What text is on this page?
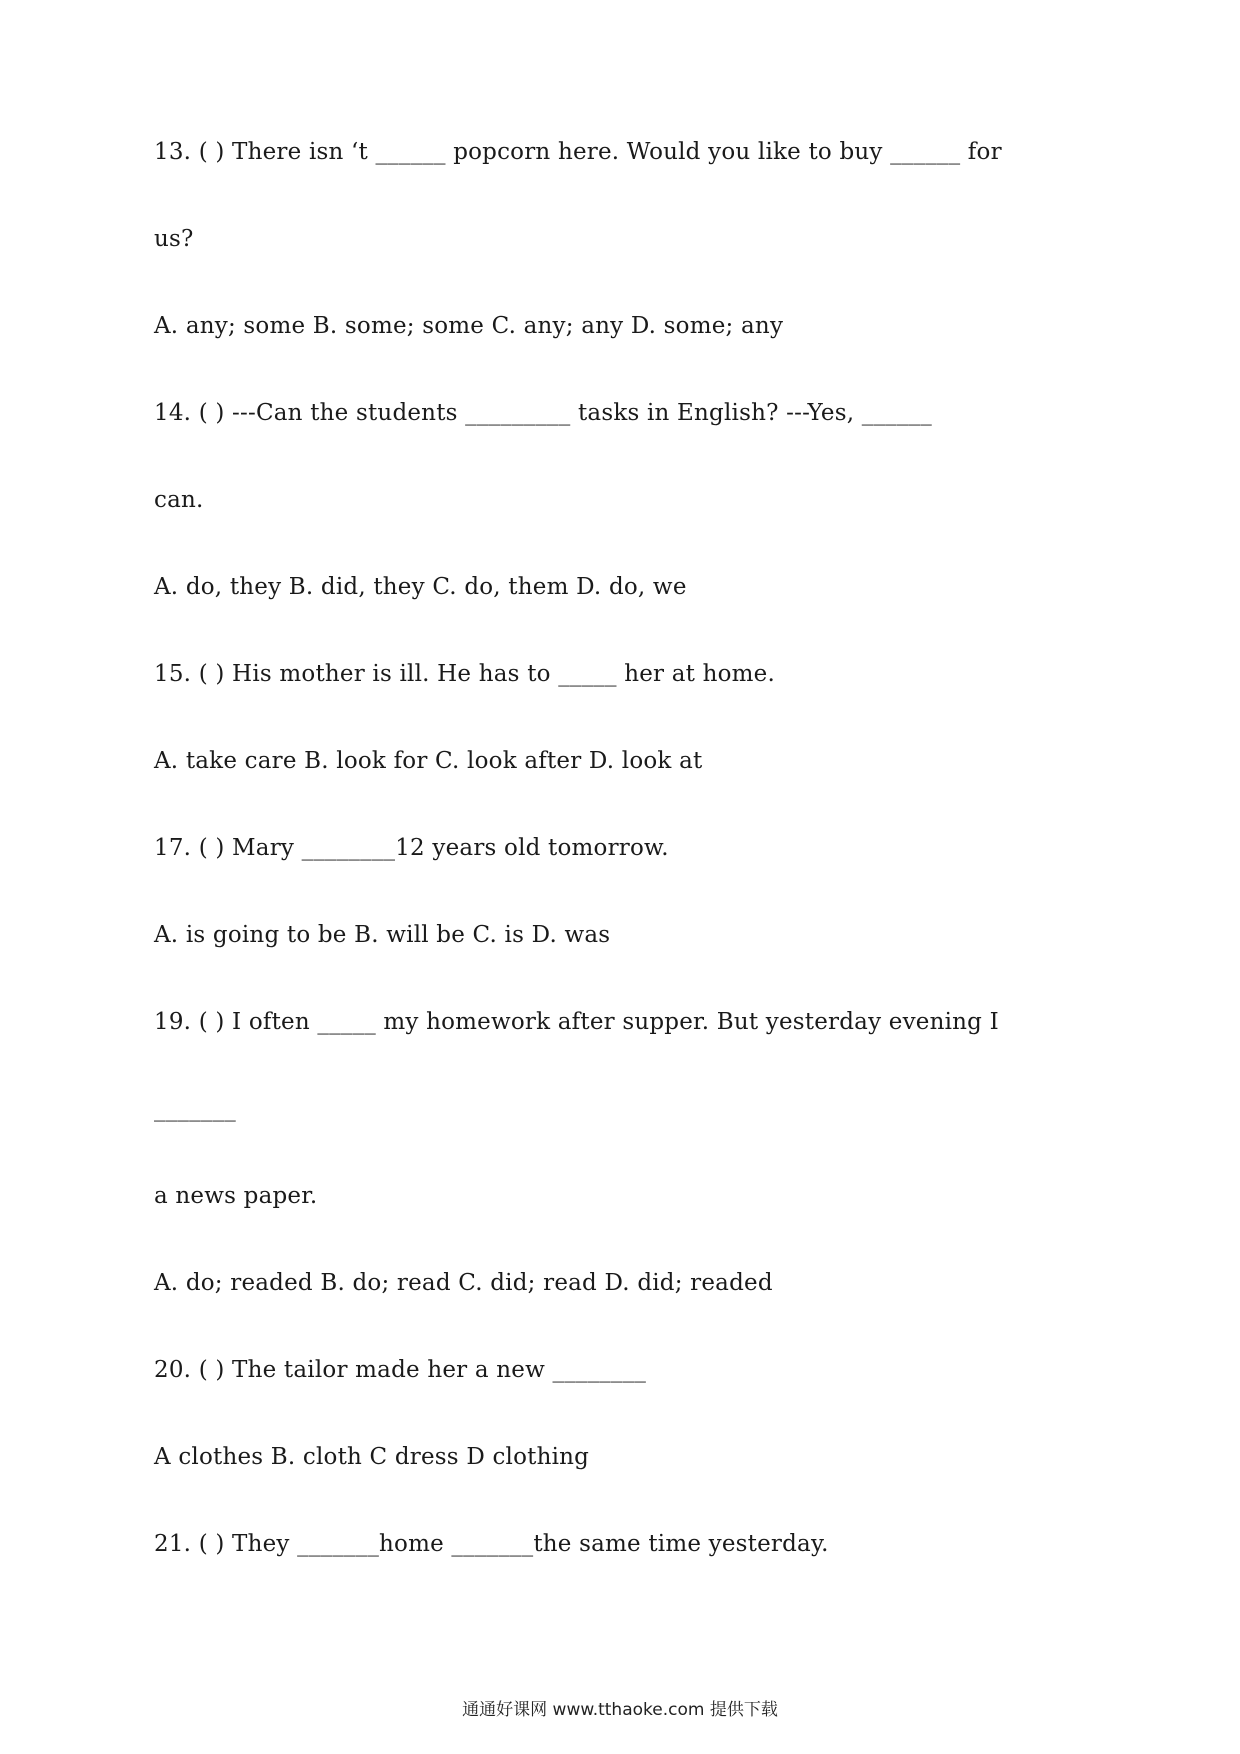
13. ( ) There isn ‘t ______ popcorn here. Would you like to buy ______ for
us?
A. any; some B. some; some C. any; any D. some; any
14. ( ) ---Can the students _________ tasks in English? ---Yes, ______
can.
A. do, they B. did, they C. do, them D. do, we
15. ( ) His mother is ill. He has to _____ her at home.
A. take care B. look for C. look after D. look at
17. ( ) Mary ________12 years old tomorrow.
A. is going to be B. will be C. is D. was
19. ( ) I often _____ my homework after supper. But yesterday evening I
_______
a news paper.
A. do; readed B. do; read C. did; read D. did; readed
20. ( ) The tailor made her a new ________
A clothes B. cloth C dress D clothing
21. ( ) They _______home _______the same time yesterday.
通通好课网 www.tthaoke.com 提供下载
